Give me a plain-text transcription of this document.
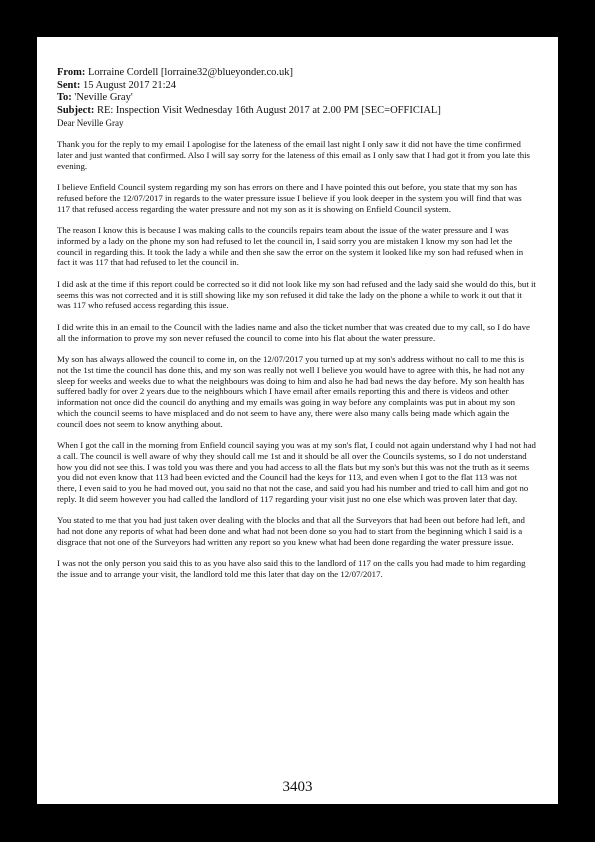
From: Lorraine Cordell [lorraine32@blueyonder.co.uk]
Sent: 15 August 2017 21:24
To: 'Neville Gray'
Subject: RE: Inspection Visit Wednesday 16th August 2017 at 2.00 PM [SEC=OFFICIAL]
Dear Neville Gray

Thank you for the reply to my email I apologise for the lateness of the email last night I only saw it did not have the time confirmed later and just wanted that confirmed. Also I will say sorry for the lateness of this email as I only saw that I had got it from you late this evening.

I believe Enfield Council system regarding my son has errors on there and I have pointed this out before, you state that my son has refused before the 12/07/2017 in regards to the water pressure issue I believe if you look deeper in the system you will find that was 117 that refused access regarding the water pressure and not my son as it is showing on Enfield Council system.

The reason I know this is because I was making calls to the councils repairs team about the issue of the water pressure and I was informed by a lady on the phone my son had refused to let the council in, I said sorry you are mistaken I know my son had let the council in regarding this. It took the lady a while and then she saw the error on the system it looked like my son had refused when in fact it was 117 that had refused to let the council in.

I did ask at the time if this report could be corrected so it did not look like my son had refused and the lady said she would do this, but it seems this was not corrected and it is still showing like my son refused it did take the lady on the phone a while to work it out that it was 117 who refused access regarding this issue.

I did write this in an email to the Council with the ladies name and also the ticket number that was created due to my call, so I do have all the information to prove my son never refused the council to come into his flat about the water pressure.

My son has always allowed the council to come in, on the 12/07/2017 you turned up at my son's address without no call to me this is not the 1st time the council has done this, and my son was really not well I believe you would have to agree with this, he had not any sleep for weeks and weeks due to what the neighbours was doing to him and also he had bad news the day before. My son health has suffered badly for over 2 years due to the neighbours which I have email after emails reporting this and there is videos and other information not once did the council do anything and my emails was going in way before any complaints was put in about my son which the council seems to have misplaced and do not seem to have any, there were also many calls being made which again the council does not seem to know anything about.

When I got the call in the morning from Enfield council saying you was at my son's flat, I could not again understand why I had not had a call. The council is well aware of why they should call me 1st and it should be all over the Councils systems, so I do not understand how you did not see this. I was told you was there and you had access to all the flats but my son's but this was not the truth as it seems you did not even know that 113 had been evicted and the Council had the keys for 113, and even when I got to the flat 113 was not there, I even said to you he had moved out, you said no that not the case, and said you had his number and tried to call him and got no reply. It did seem however you had called the landlord of 117 regarding your visit just no one else which was proven later that day.

You stated to me that you had just taken over dealing with the blocks and that all the Surveyors that had been out before had left, and had not done any reports of what had been done and what had not been done so you had to start from the beginning which I said is a disgrace that not one of the Surveyors had written any report so you knew what had been done regarding the water pressure issue.

I was not the only person you said this to as you have also said this to the landlord of 117 on the calls you had made to him regarding the issue and to arrange your visit, the landlord told me this later that day on the 12/07/2017.

3403
